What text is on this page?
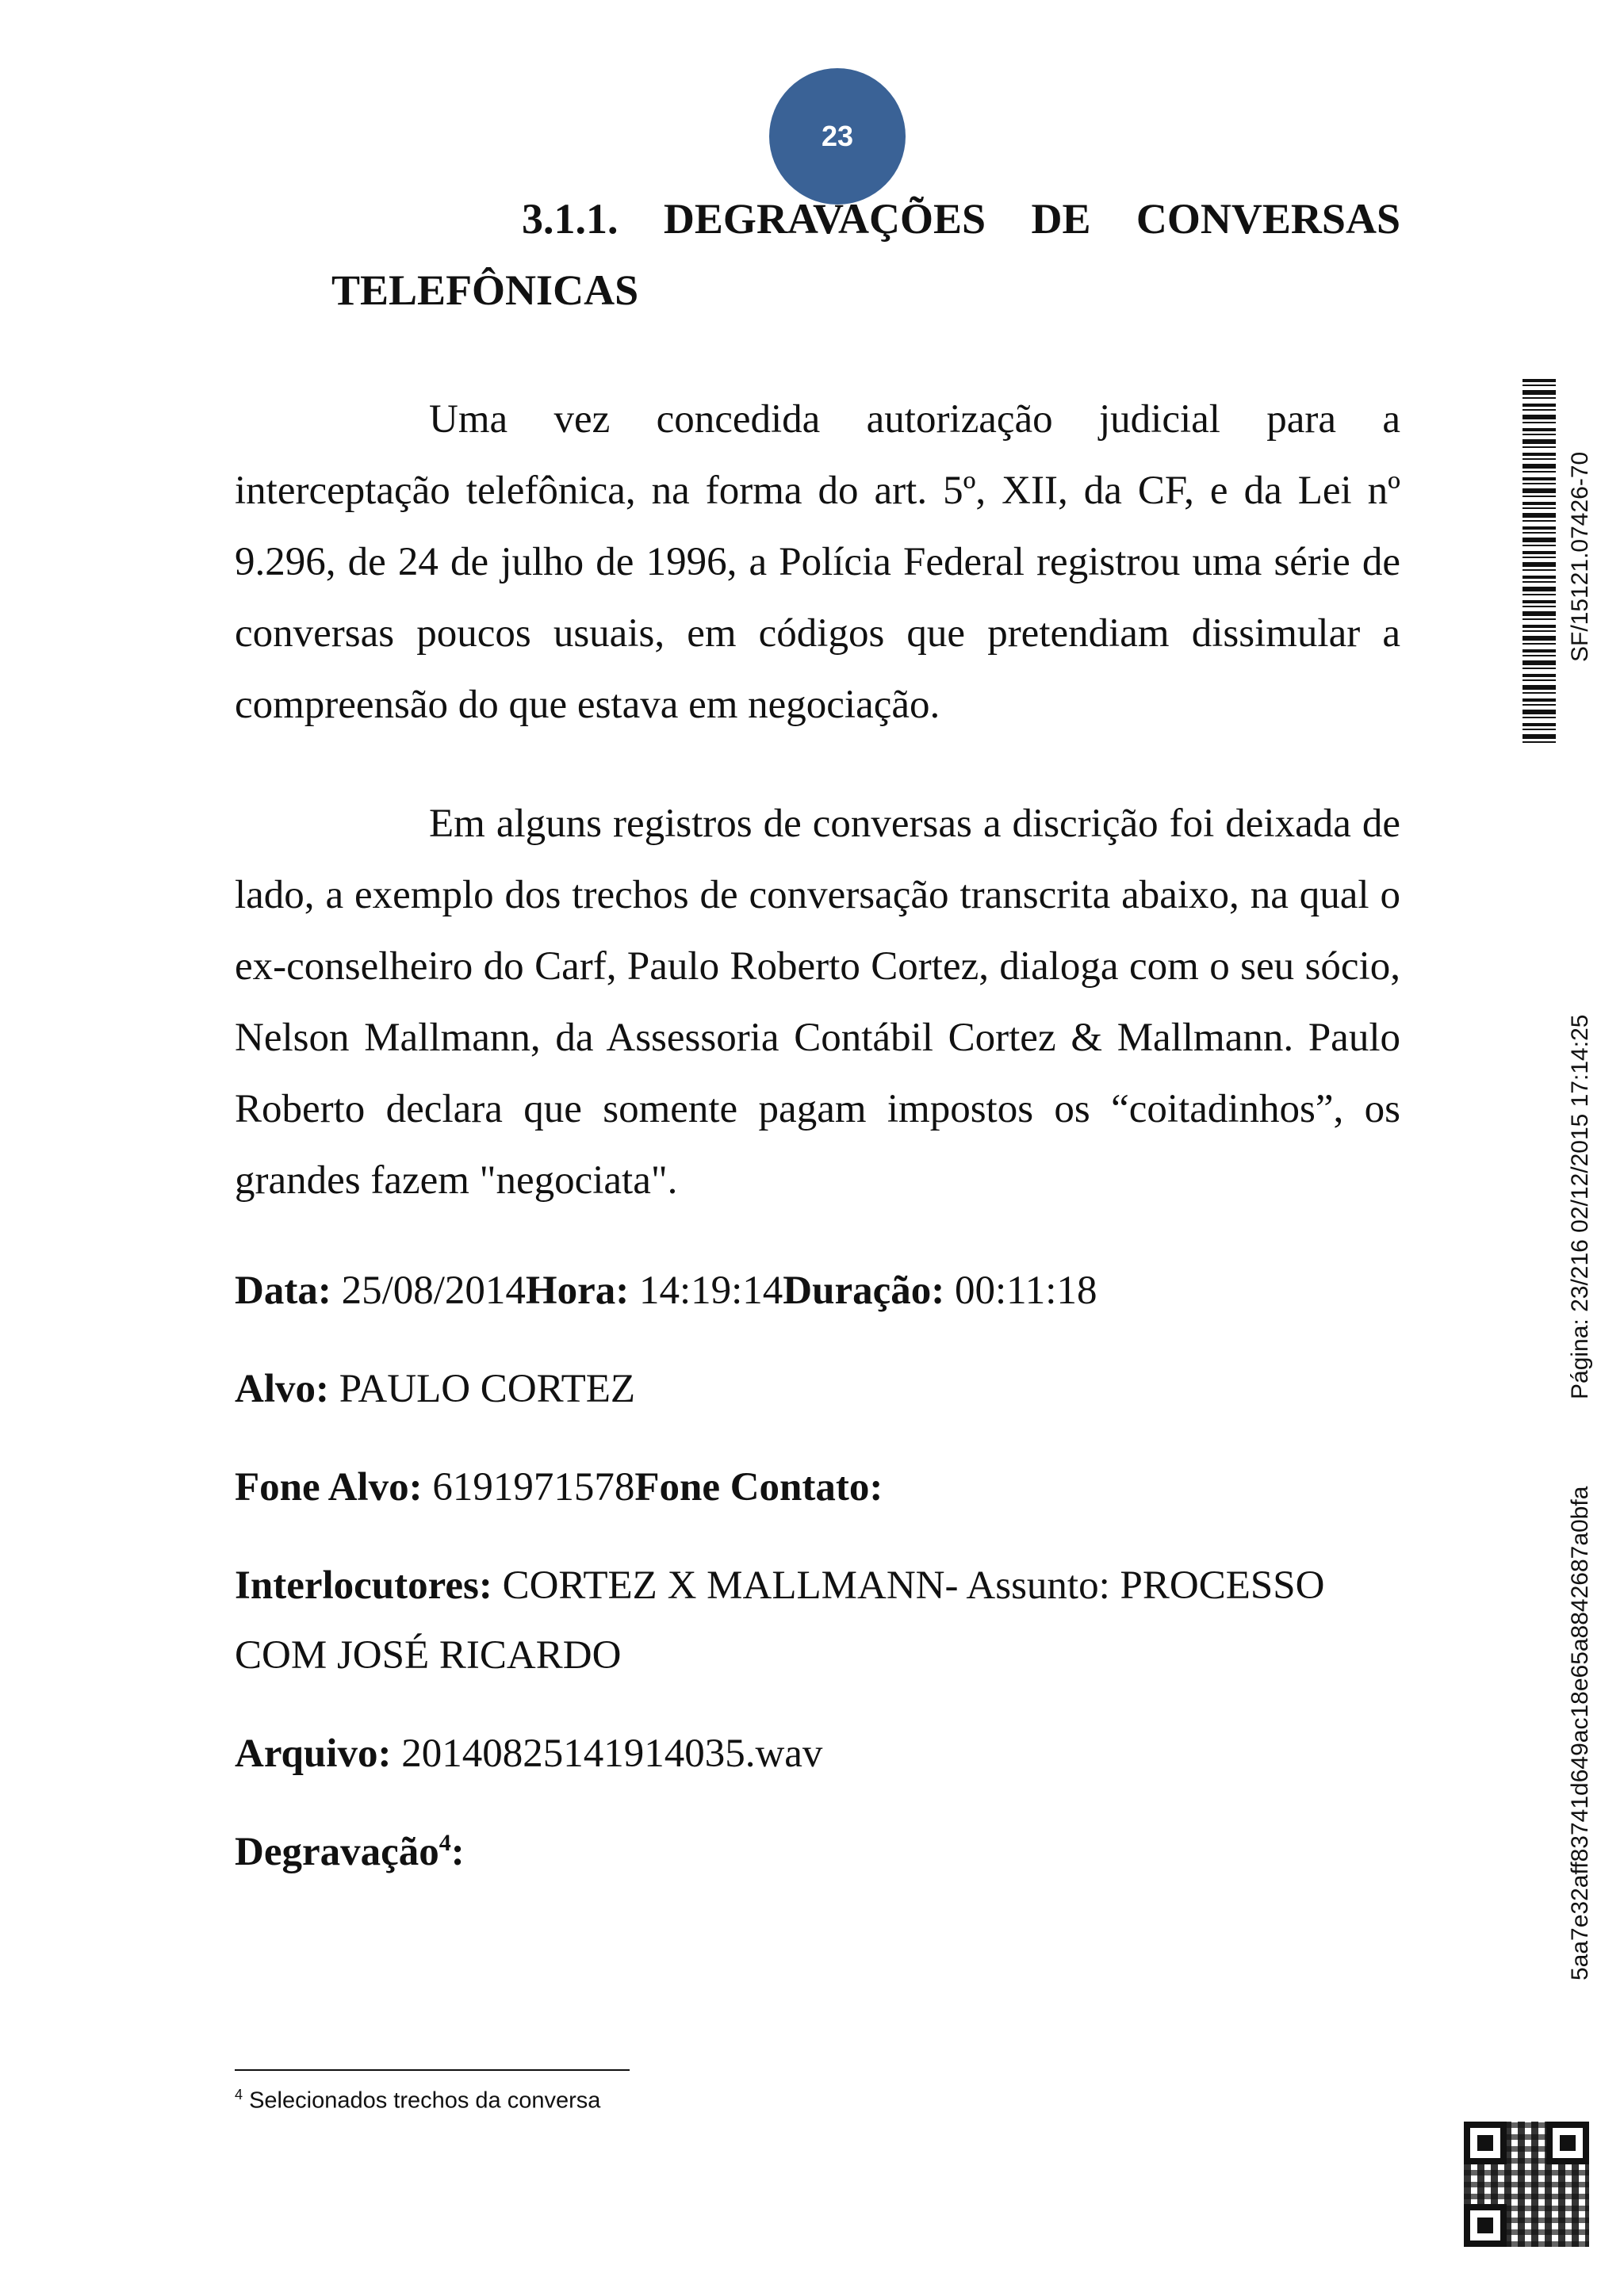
23
3.1.1. DEGRAVAÇÕES DE CONVERSAS
TELEFÔNICAS

Uma vez concedida autorização judicial para a interceptação telefônica, na forma do art. 5º, XII, da CF, e da Lei nº 9.296, de 24 de julho de 1996, a Polícia Federal registrou uma série de conversas poucos usuais, em códigos que pretendiam dissimular a compreensão do que estava em negociação.

Em alguns registros de conversas a discrição foi deixada de lado, a exemplo dos trechos de conversação transcrita abaixo, na qual o ex-conselheiro do Carf, Paulo Roberto Cortez, dialoga com o seu sócio, Nelson Mallmann, da Assessoria Contábil Cortez & Mallmann. Paulo Roberto declara que somente pagam impostos os “coitadinhos”, os grandes fazem "negociata".

Data: 25/08/2014Hora: 14:19:14Duração: 00:11:18

Alvo: PAULO CORTEZ

Fone Alvo: 6191971578Fone Contato:

Interlocutores: CORTEZ X MALLMANN- Assunto: PROCESSO COM JOSÉ RICARDO

Arquivo: 20140825141914035.wav

Degravação$^4$:

$^4$ Selecionados trechos da conversa
SF/15121.07426-70
Página: 23/216 02/12/2015 17:14:25
5aa7e32aff83741d649ac18e65a8842687a0bfa
